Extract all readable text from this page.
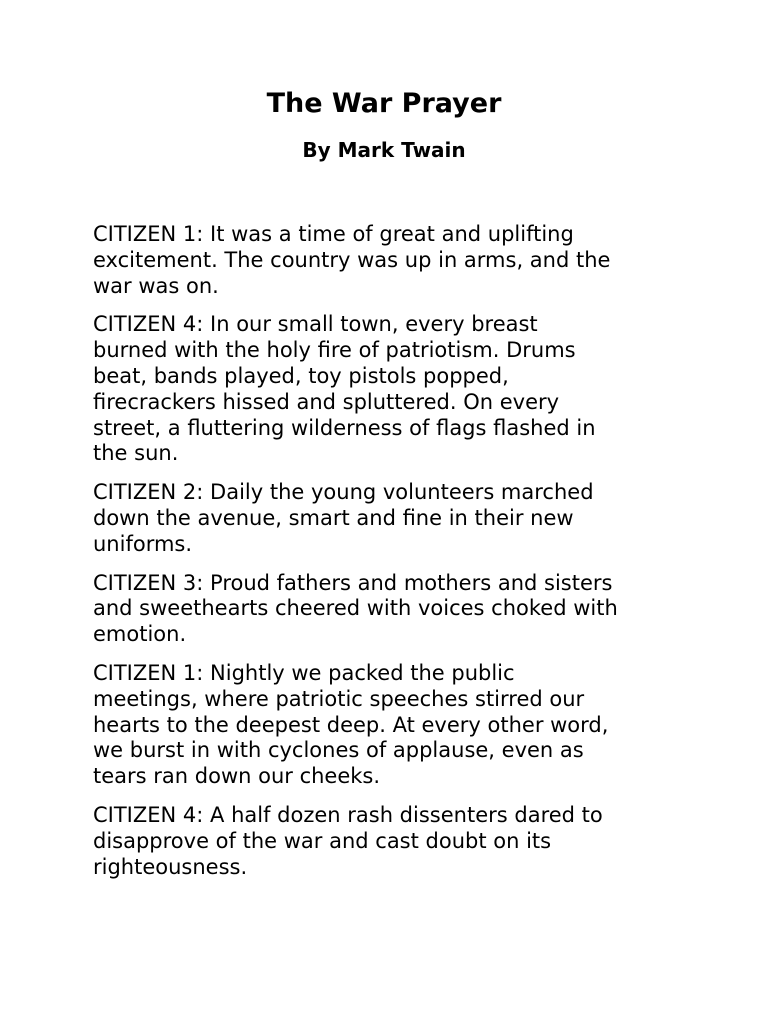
The War Prayer
By Mark Twain

CITIZEN 1: It was a time of great and uplifting
excitement. The country was up in arms, and the
war was on.

CITIZEN 4: In our small town, every breast
burned with the holy fire of patriotism. Drums
beat, bands played, toy pistols popped,
firecrackers hissed and spluttered. On every
street, a fluttering wilderness of flags flashed in
the sun.

CITIZEN 2: Daily the young volunteers marched
down the avenue, smart and fine in their new
uniforms.

CITIZEN 3: Proud fathers and mothers and sisters
and sweethearts cheered with voices choked with
emotion.

CITIZEN 1: Nightly we packed the public
meetings, where patriotic speeches stirred our
hearts to the deepest deep. At every other word,
we burst in with cyclones of applause, even as
tears ran down our cheeks.

CITIZEN 4: A half dozen rash dissenters dared to
disapprove of the war and cast doubt on its
righteousness.
